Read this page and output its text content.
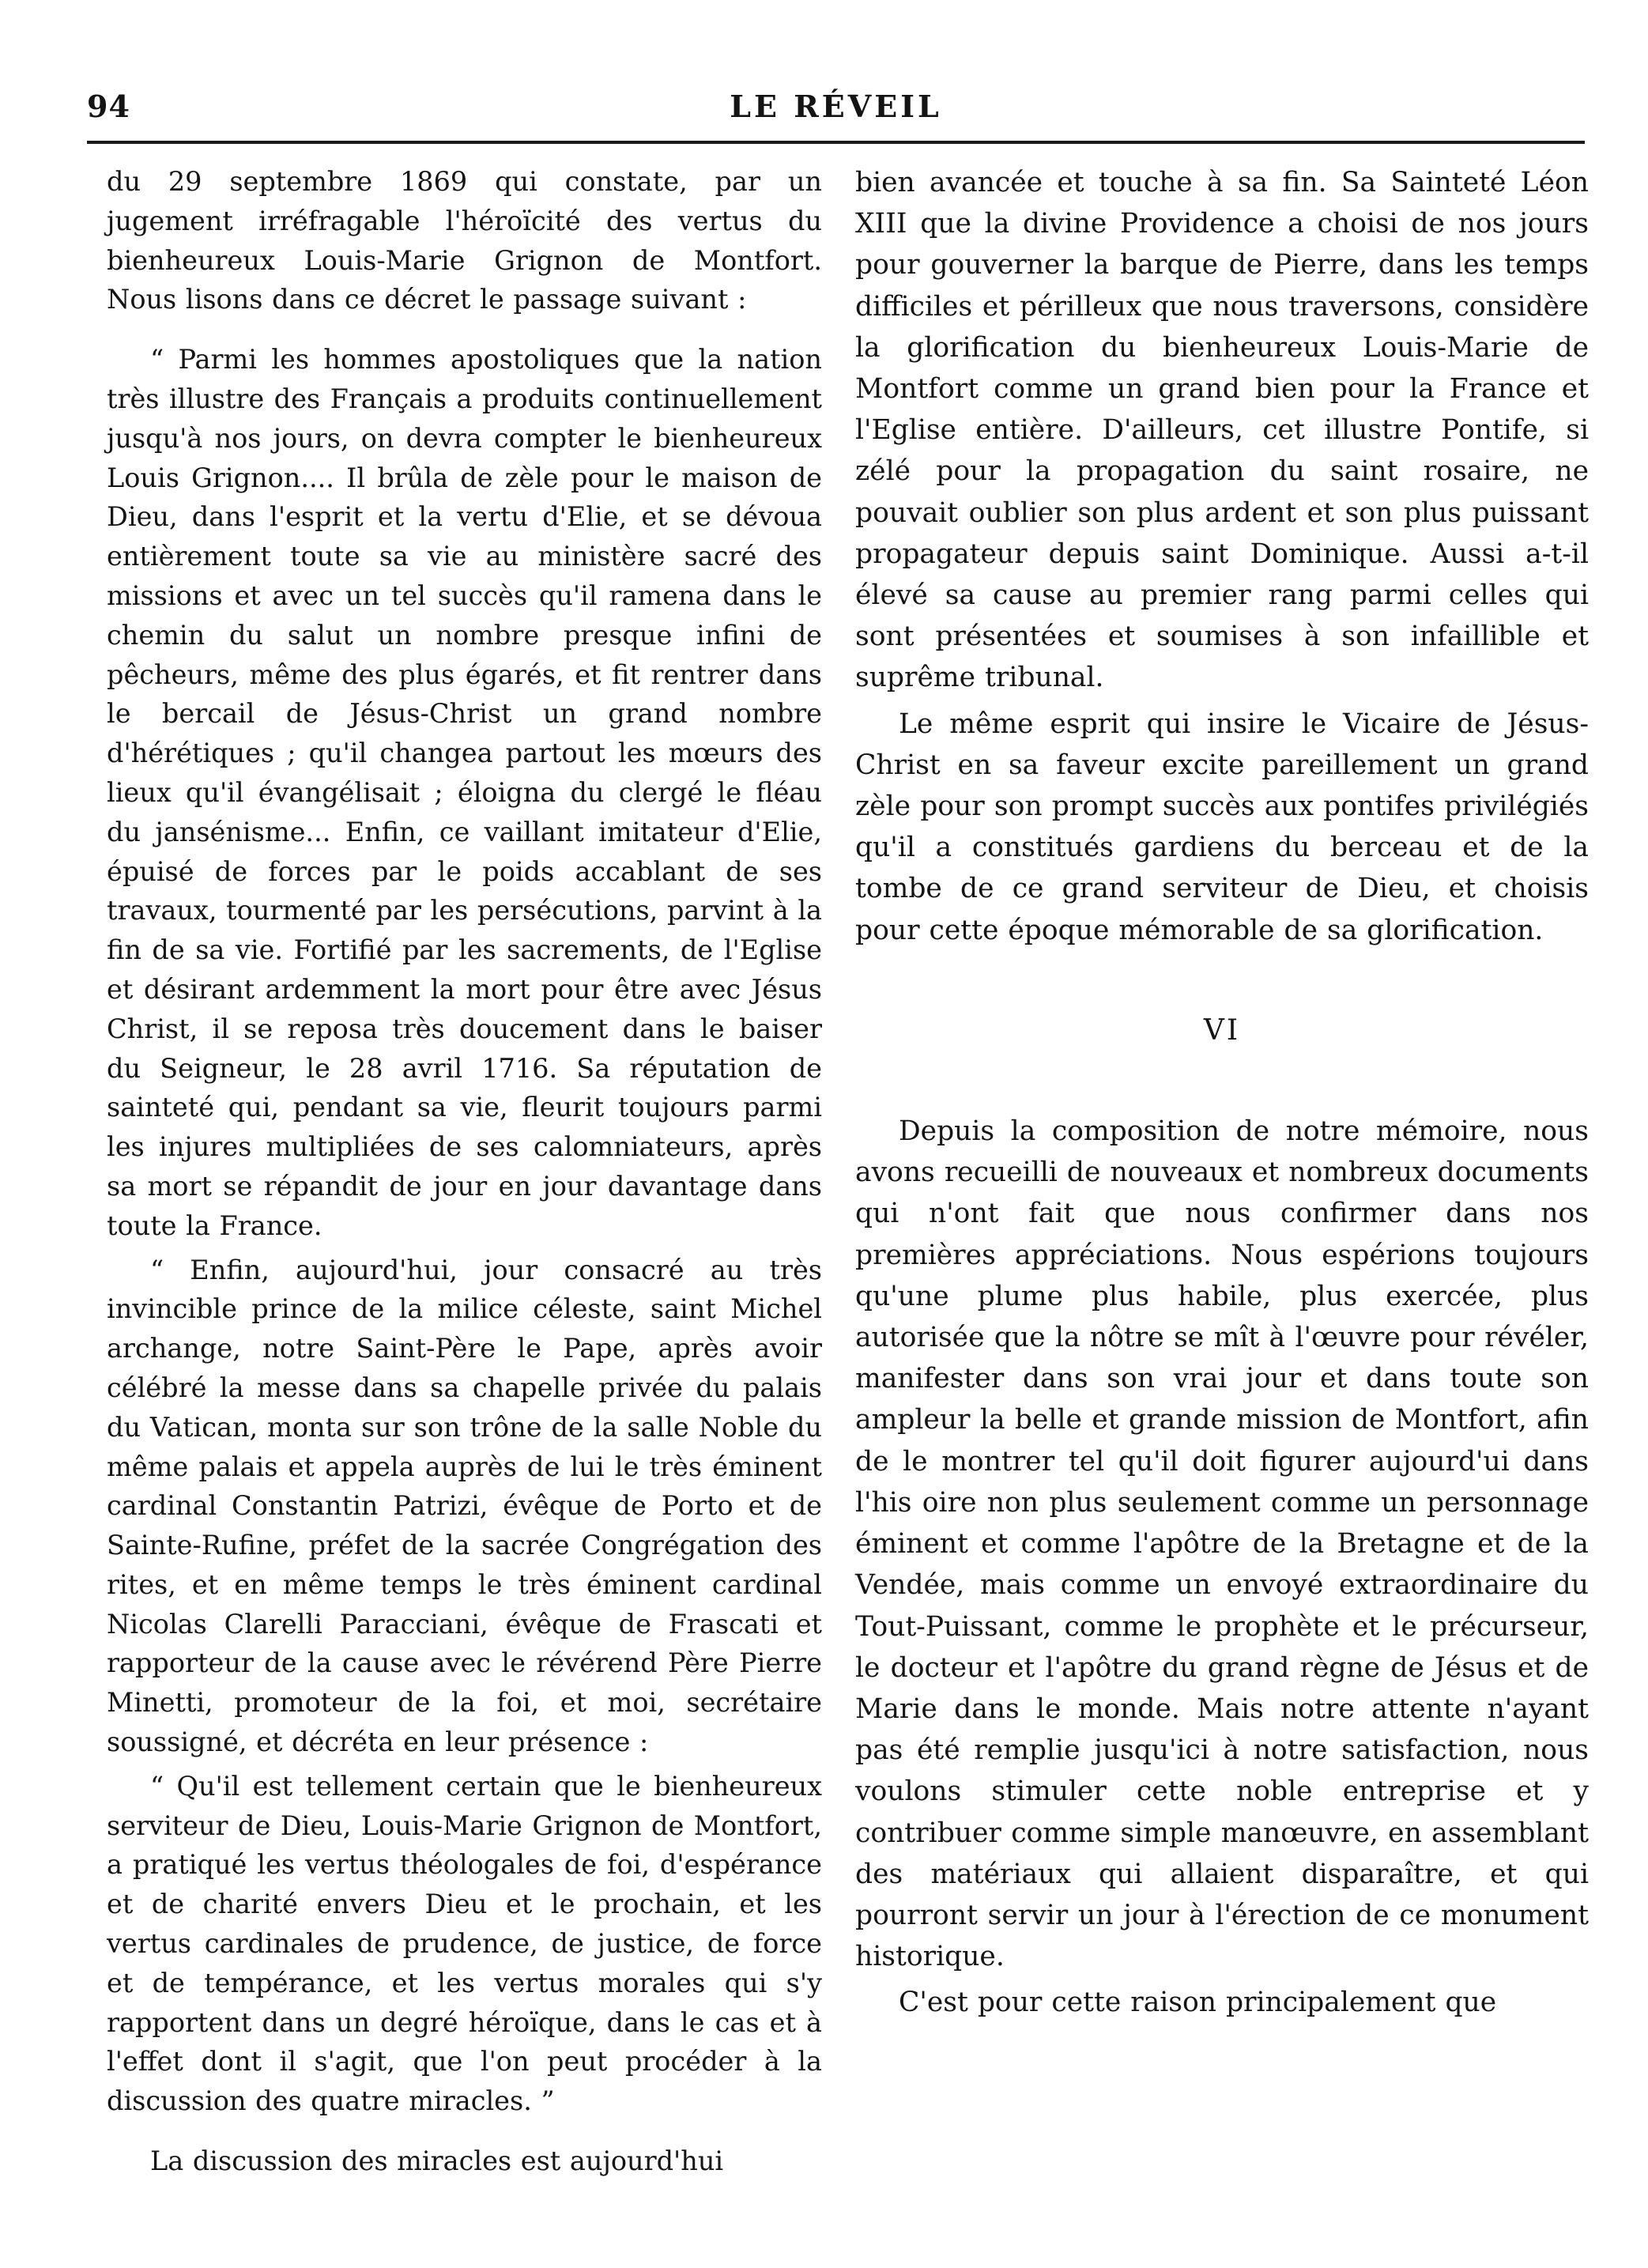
94	LE RÉVEIL

du 29 septembre 1869 qui constate, par un jugement irréfragable l'héroïcité des vertus du bienheureux Louis-Marie Grignon de Montfort. Nous lisons dans ce décret le passage suivant :

“ Parmi les hommes apostoliques que la nation très illustre des Français a produits continuellement jusqu'à nos jours, on devra compter le bienheureux Louis Grignon.... Il brûla de zèle pour le maison de Dieu, dans l'esprit et la vertu d'Elie, et se dévoua entièrement toute sa vie au ministère sacré des missions et avec un tel succès qu'il ramena dans le chemin du salut un nombre presque infini de pêcheurs, même des plus égarés, et fit rentrer dans le bercail de Jésus-Christ un grand nombre d'hérétiques ; qu'il changea partout les mœurs des lieux qu'il évangélisait ; éloigna du clergé le fléau du jansénisme... Enfin, ce vaillant imitateur d'Elie, épuisé de forces par le poids accablant de ses travaux, tourmenté par les persécutions, parvint à la fin de sa vie. Fortifié par les sacrements, de l'Eglise et désirant ardemment la mort pour être avec Jésus Christ, il se reposa très doucement dans le baiser du Seigneur, le 28 avril 1716. Sa réputation de sainteté qui, pendant sa vie, fleurit toujours parmi les injures multipliées de ses calomniateurs, après sa mort se répandit de jour en jour davantage dans toute la France.

“ Enfin, aujourd'hui, jour consacré au très invincible prince de la milice céleste, saint Michel archange, notre Saint-Père le Pape, après avoir célébré la messe dans sa chapelle privée du palais du Vatican, monta sur son trône de la salle Noble du même palais et appela auprès de lui le très éminent cardinal Constantin Patrizi, évêque de Porto et de Sainte-Rufine, préfet de la sacrée Congrégation des rites, et en même temps le très éminent cardinal Nicolas Clarelli Paracciani, évêque de Frascati et rapporteur de la cause avec le révérend Père Pierre Minetti, promoteur de la foi, et moi, secrétaire soussigné, et décréta en leur présence :

“ Qu'il est tellement certain que le bienheureux serviteur de Dieu, Louis-Marie Grignon de Montfort, a pratiqué les vertus théologales de foi, d'espérance et de charité envers Dieu et le prochain, et les vertus cardinales de prudence, de justice, de force et de tempérance, et les vertus morales qui s'y rapportent dans un degré héroïque, dans le cas et à l'effet dont il s'agit, que l'on peut procéder à la discussion des quatre miracles. ”

La discussion des miracles est aujourd'hui

bien avancée et touche à sa fin. Sa Sainteté Léon XIII que la divine Providence a choisi de nos jours pour gouverner la barque de Pierre, dans les temps difficiles et périlleux que nous traversons, considère la glorification du bienheureux Louis-Marie de Montfort comme un grand bien pour la France et l'Eglise entière. D'ailleurs, cet illustre Pontife, si zélé pour la propagation du saint rosaire, ne pouvait oublier son plus ardent et son plus puissant propagateur depuis saint Dominique. Aussi a-t-il élevé sa cause au premier rang parmi celles qui sont présentées et soumises à son infaillible et suprême tribunal.

Le même esprit qui insire le Vicaire de Jésus-Christ en sa faveur excite pareillement un grand zèle pour son prompt succès aux pontifes privilégiés qu'il a constitués gardiens du berceau et de la tombe de ce grand serviteur de Dieu, et choisis pour cette époque mémorable de sa glorification.

VI

Depuis la composition de notre mémoire, nous avons recueilli de nouveaux et nombreux documents qui n'ont fait que nous confirmer dans nos premières appréciations. Nous espérions toujours qu'une plume plus habile, plus exercée, plus autorisée que la nôtre se mît à l'œuvre pour révéler, manifester dans son vrai jour et dans toute son ampleur la belle et grande mission de Montfort, afin de le montrer tel qu'il doit figurer aujourd'ui dans l'his oire non plus seulement comme un personnage éminent et comme l'apôtre de la Bretagne et de la Vendée, mais comme un envoyé extraordinaire du Tout-Puissant, comme le prophète et le précurseur, le docteur et l'apôtre du grand règne de Jésus et de Marie dans le monde. Mais notre attente n'ayant pas été remplie jusqu'ici à notre satisfaction, nous voulons stimuler cette noble entreprise et y contribuer comme simple manœuvre, en assemblant des matériaux qui allaient disparaître, et qui pourront servir un jour à l'érection de ce monument historique.

C'est pour cette raison principalement que
